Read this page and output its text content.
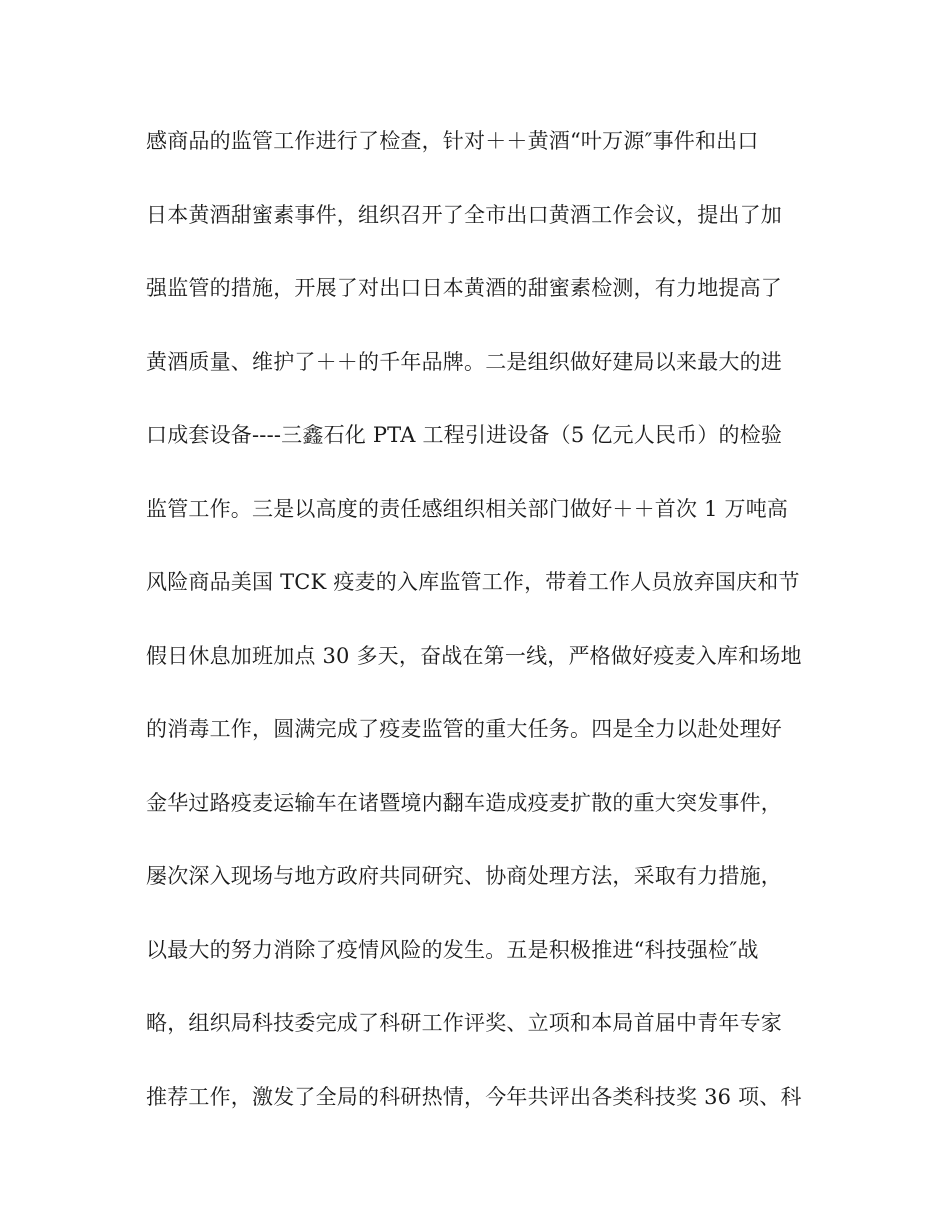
感商品的监管工作进行了检查，针对＋＋黄酒“叶万源″事件和出口
日本黄酒甜蜜素事件，组织召开了全市出口黄酒工作会议，提出了加
强监管的措施，开展了对出口日本黄酒的甜蜜素检测，有力地提高了
黄酒质量、维护了＋＋的千年品牌。二是组织做好建局以来最大的进
口成套设备----三鑫石化 PTA 工程引进设备（5 亿元人民币）的检验
监管工作。三是以高度的责任感组织相关部门做好＋＋首次 1 万吨高
风险商品美国 TCK 疫麦的入库监管工作，带着工作人员放弃国庆和节
假日休息加班加点 30 多天，奋战在第一线，严格做好疫麦入库和场地
的消毒工作，圆满完成了疫麦监管的重大任务。四是全力以赴处理好
金华过路疫麦运输车在诸暨境内翻车造成疫麦扩散的重大突发事件，
屡次深入现场与地方政府共同研究、协商处理方法，采取有力措施，
以最大的努力消除了疫情风险的发生。五是积极推进“科技强检″战
略，组织局科技委完成了科研工作评奖、立项和本局首届中青年专家
推荐工作，激发了全局的科研热情，今年共评出各类科技奖 36 项、科
